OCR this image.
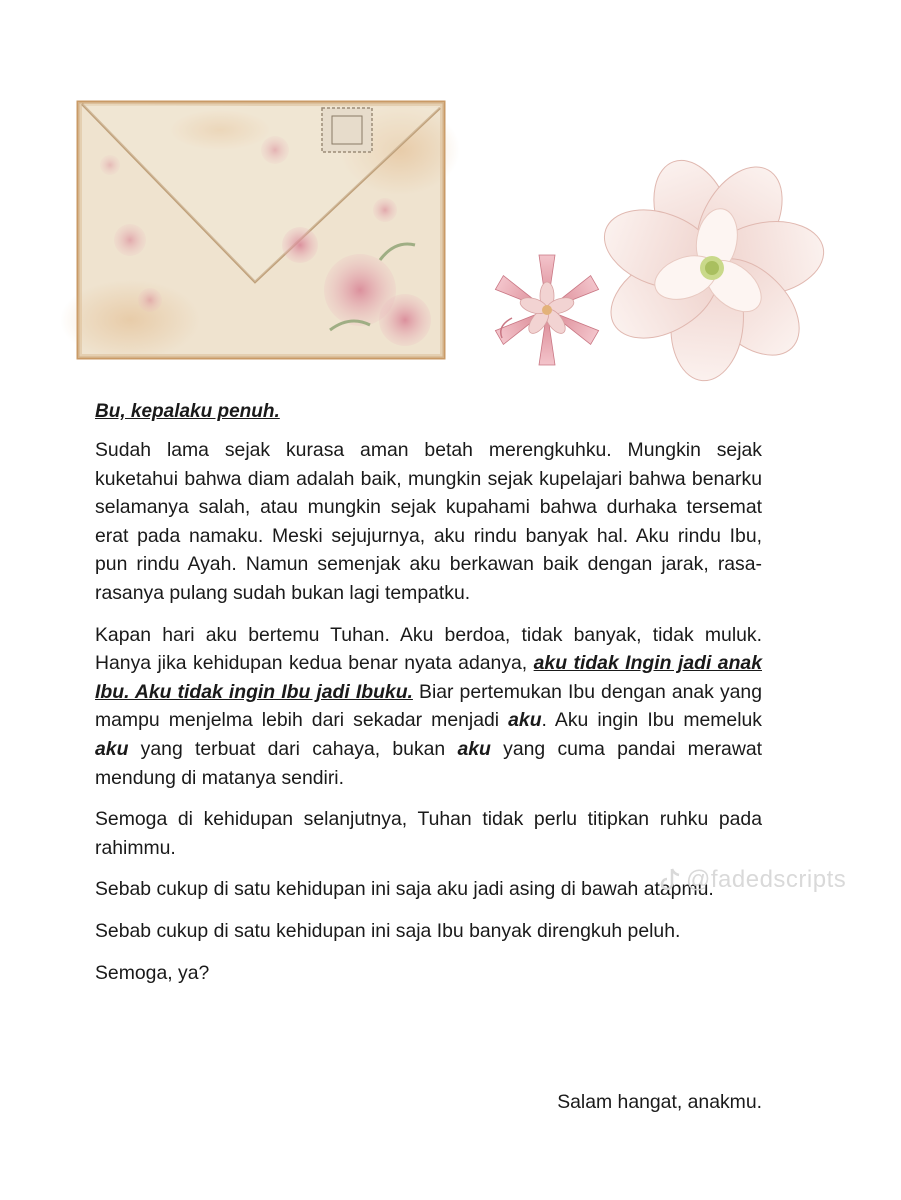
Bu, kepalaku penuh.

Sudah lama sejak kurasa aman betah merengkuhku. Mungkin sejak kuketahui bahwa diam adalah baik, mungkin sejak kupelajari bahwa benarku selamanya salah, atau mungkin sejak kupahami bahwa durhaka tersemat erat pada namaku. Meski sejujurnya, aku rindu banyak hal. Aku rindu Ibu, pun rindu Ayah. Namun semenjak aku berkawan baik dengan jarak, rasa-rasanya pulang sudah bukan lagi tempatku.

Kapan hari aku bertemu Tuhan. Aku berdoa, tidak banyak, tidak muluk. Hanya jika kehidupan kedua benar nyata adanya, aku tidak Ingin jadi anak Ibu. Aku tidak ingin Ibu jadi Ibuku. Biar pertemukan Ibu dengan anak yang mampu menjelma lebih dari sekadar menjadi aku. Aku ingin Ibu memeluk aku yang terbuat dari cahaya, bukan aku yang cuma pandai merawat mendung di matanya sendiri.

Semoga di kehidupan selanjutnya, Tuhan tidak perlu titipkan ruhku pada rahimmu.

Sebab cukup di satu kehidupan ini saja aku jadi asing di bawah atapmu.

Sebab cukup di satu kehidupan ini saja Ibu banyak direngkuh peluh.

Semoga, ya?

Salam hangat, anakmu.
@fadedscripts
